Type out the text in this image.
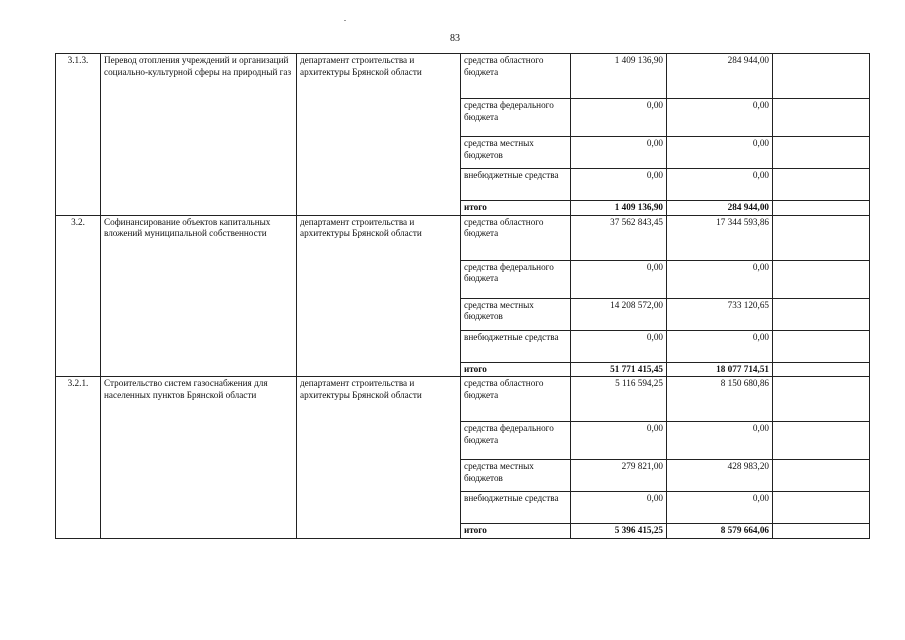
83
3.1.3.	Перевод отопления учреждений и организаций социально-культурной сферы на природный газ	департамент строительства и архитектуры Брянской области	средства областного бюджета	1 409 136,90	284 944,00	
			средства федерального бюджета	0,00	0,00	
			средства местных бюджетов	0,00	0,00	
			внебюджетные средства	0,00	0,00	
			итого	1 409 136,90	284 944,00	
3.2.	Софинансирование объектов капитальных вложений муниципальной собственности	департамент строительства и архитектуры Брянской области	средства областного бюджета	37 562 843,45	17 344 593,86	
			средства федерального бюджета	0,00	0,00	
			средства местных бюджетов	14 208 572,00	733 120,65	
			внебюджетные средства	0,00	0,00	
			итого	51 771 415,45	18 077 714,51	
3.2.1.	Строительство систем газоснабжения для населенных пунктов Брянской области	департамент строительства и архитектуры Брянской области	средства областного бюджета	5 116 594,25	8 150 680,86	
			средства федерального бюджета	0,00	0,00	
			средства местных бюджетов	279 821,00	428 983,20	
			внебюджетные средства	0,00	0,00	
			итого	5 396 415,25	8 579 664,06	
